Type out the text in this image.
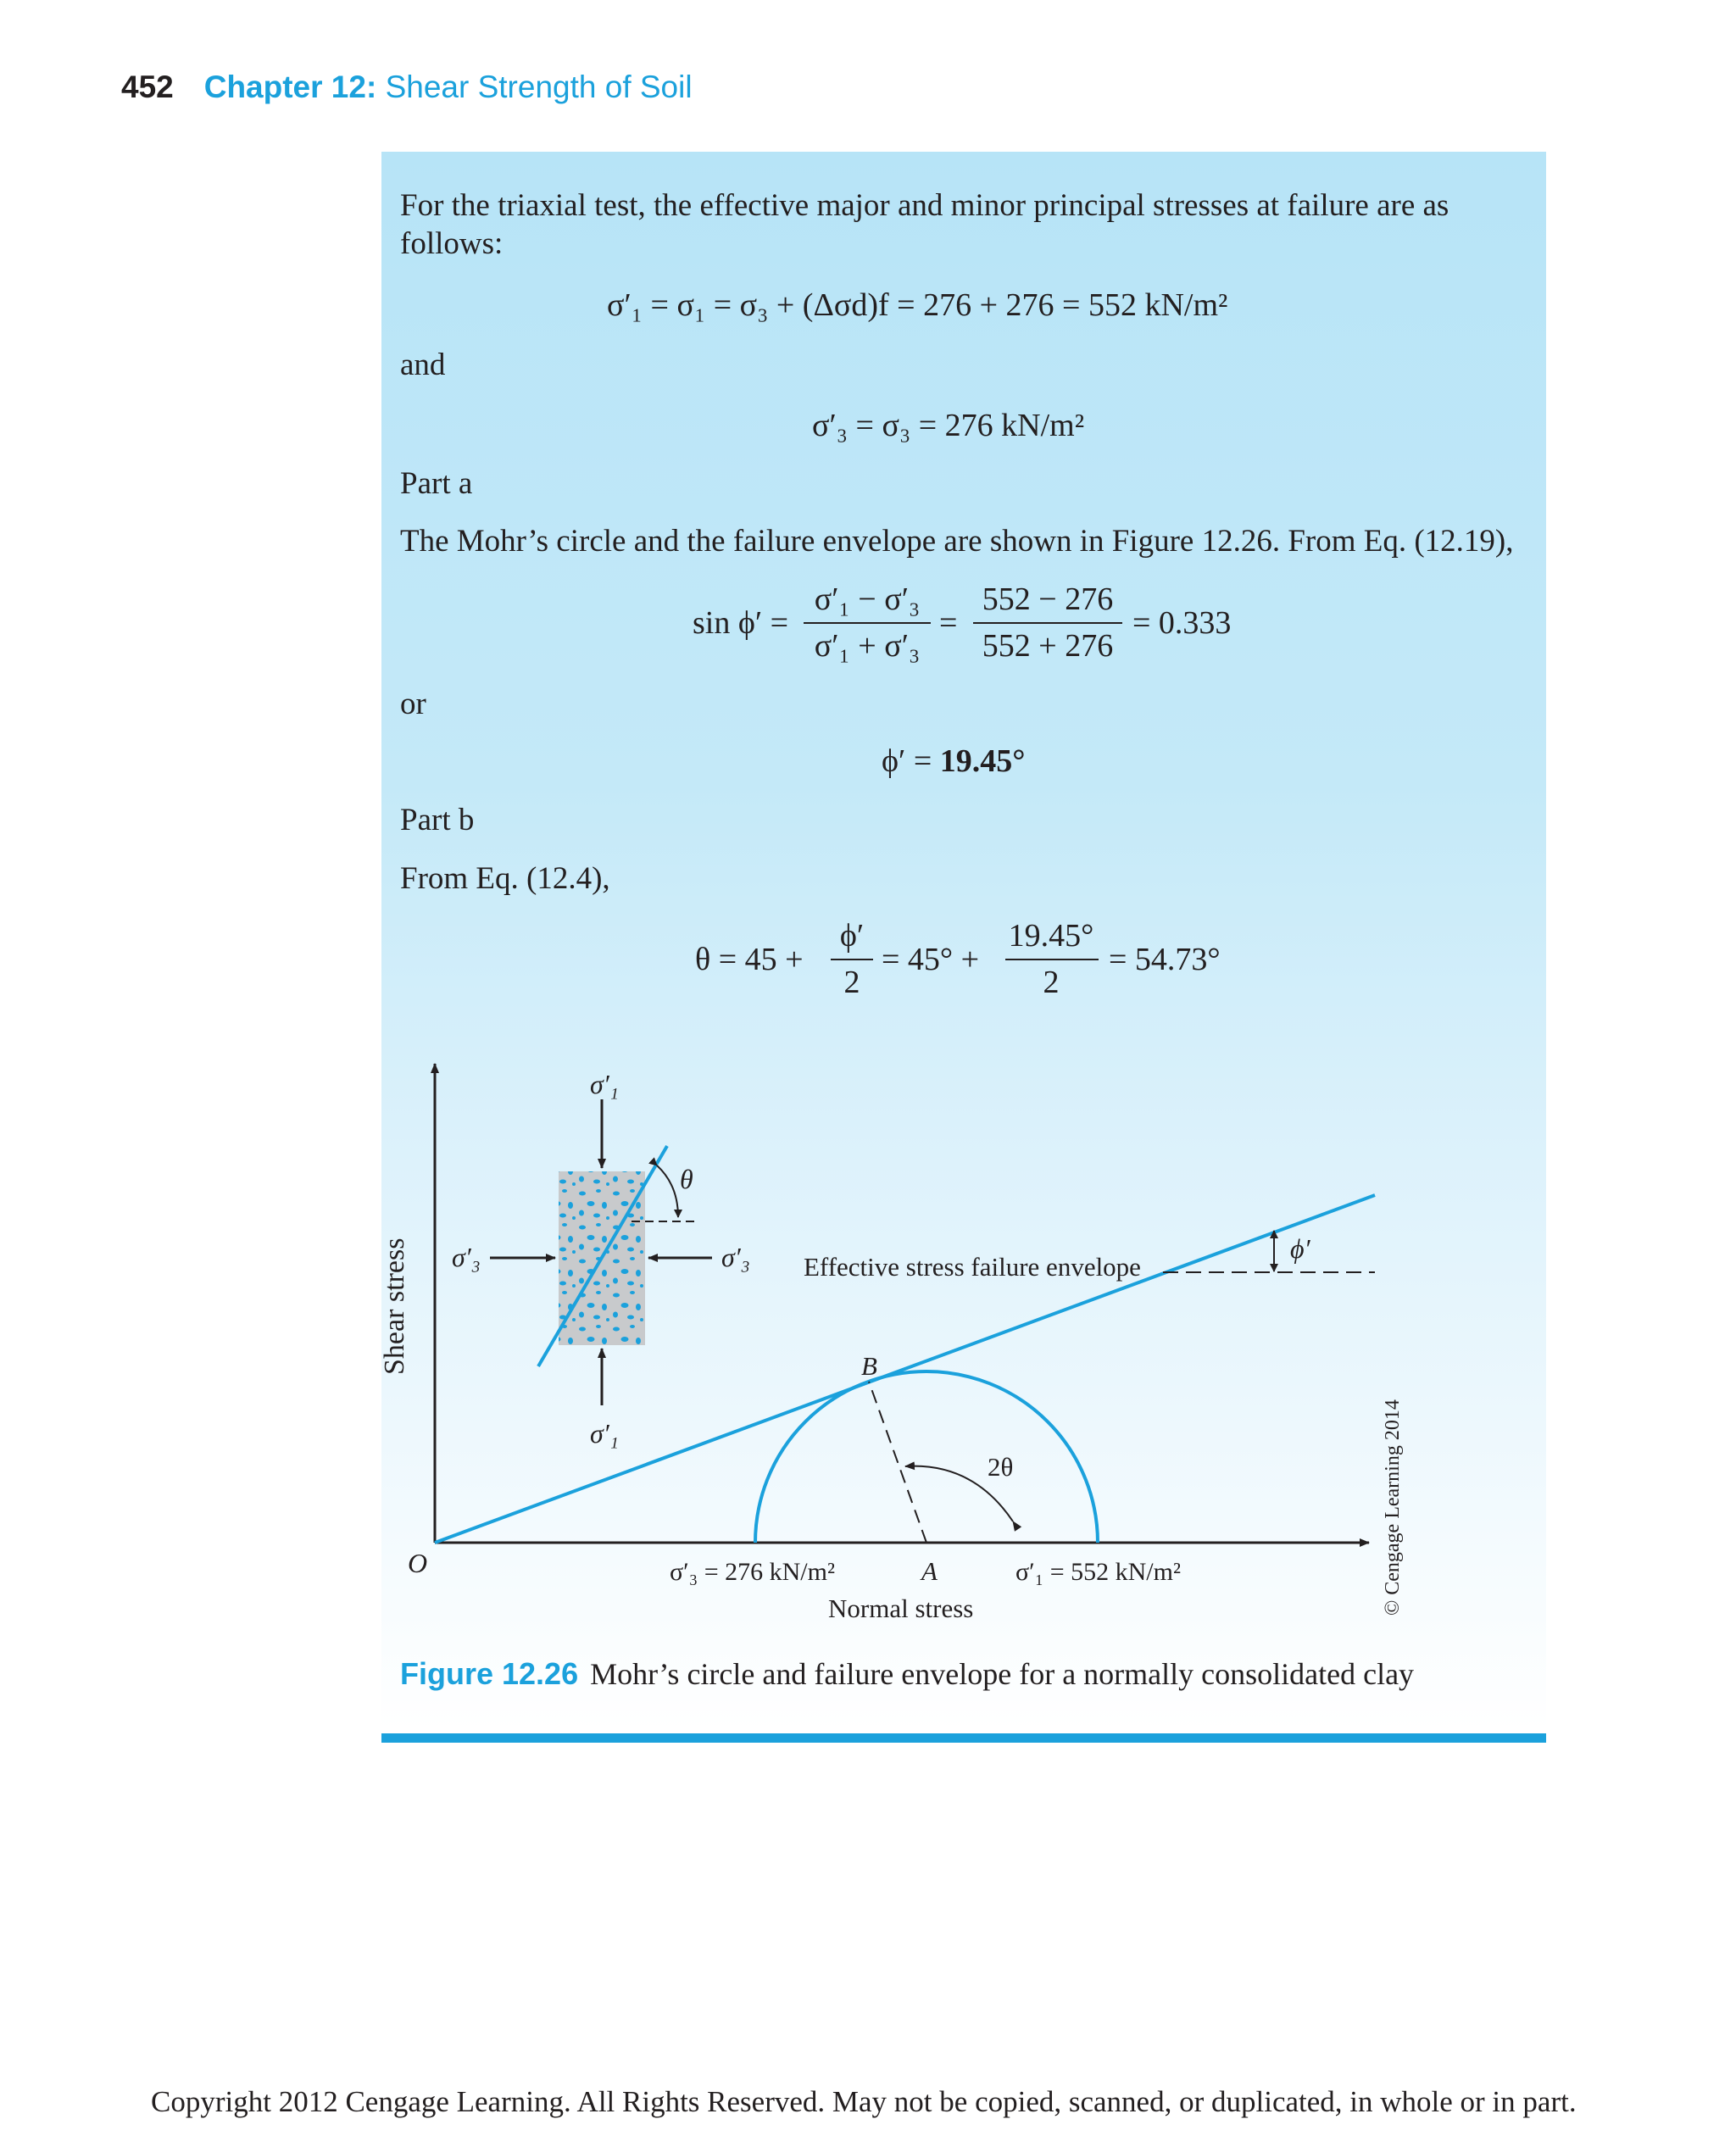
452 Chapter 12: Shear Strength of Soil
For the triaxial test, the effective major and minor principal stresses at failure are as
follows:
σ′₁ = σ₁ = σ₃ + (Δσd)f = 276 + 276 = 552 kN/m²
and
σ′₃ = σ₃ = 276 kN/m²
Part a
The Mohr’s circle and the failure envelope are shown in Figure 12.26. From Eq. (12.19),
sin ϕ′ =
σ′₁ − σ′₃
σ′₁ + σ′₃
=
552 − 276
552 + 276
= 0.333
or
ϕ′ = 19.45°
Part b
From Eq. (12.4),
θ = 45 +
ϕ′
2
= 45° +
19.45°
2
= 54.73°
Shear stress
Normal stress
O
σ′₁
σ′₁
σ′₃	σ′₃
θ
Effective stress failure envelope
ϕ′
B
A
2θ
σ′₃ = 276 kN/m²	σ′₁ = 552 kN/m²	© Cengage Learning 2014
Figure 12.26 Mohr’s circle and failure envelope for a normally consolidated clay
Copyright 2012 Cengage Learning. All Rights Reserved. May not be copied, scanned, or duplicated, in whole or in part.
